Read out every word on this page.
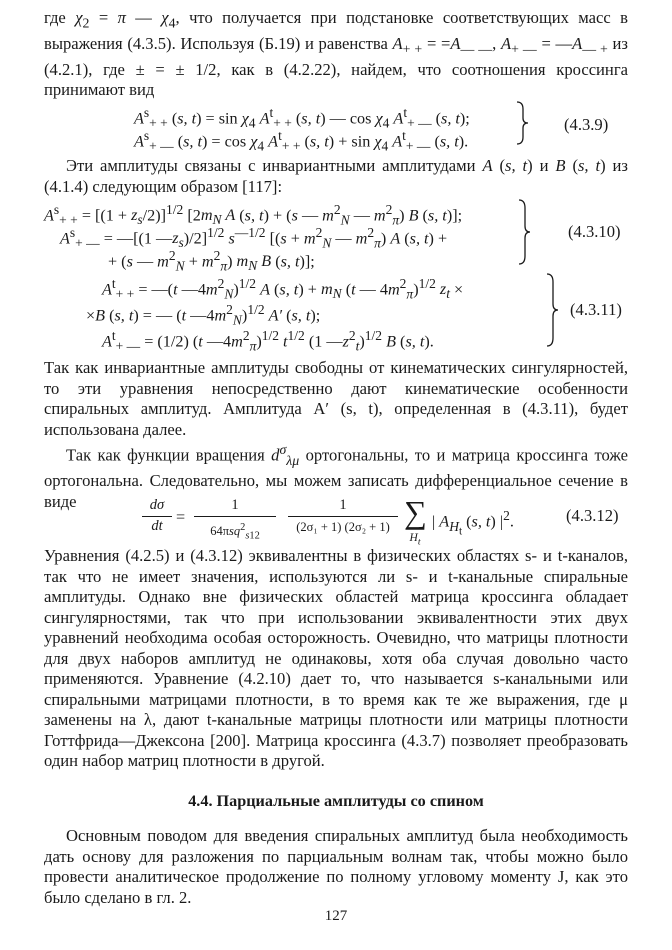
где $\chi_2 = \pi$ — $\chi_4$, что получается при подстановке соответствующих масс в выражения (4.3.5). Используя (Б.19) и равенства $A_{+ +} = =A_{— —}$, $A_{+ —}$ = $—A_{— +}$ из (4.2.1), где ± = ± 1/2, как в (4.2.22), найдем, что соотношения кроссинга принимают вид

$A^s_{+ +}$ (s, $t) = \sin \chi_4$ $A^t_{+ +}$ (s, t) — $\cos \chi_4$ $A^t_{+ —}$ (s, t);
$A^s_{+ —}$ (s, $t) = \cos \chi_4$ $A^t_{+ +}$ (s, $t) + \sin \chi_4$ $A^t_{+ —}$ (s, t).
(4.3.9)

Эти амплитуды связаны с инвариантными амплитудами A (s, t) и B (s, t) из (4.1.4) следующим образом [117]:

$A^s_{+ +} = [(1 + z_s/2)]^{1/2}$ [$2m_N$ A (s, t) + (s — $m^2_N$ — $m^2_\pi$) B (s, t)];
$A^s_{+ —}$ = —[(1 $—z_s)/2]^{1/2}$ $s^{—1/2}$ [($s + m^2_N$ — $m^2_\pi$) A (s, t) +
+ (s — $m^2_N + m^2_\pi$) $m_N$ B (s, t)];
(4.3.10)
$A^t_{+ +}$ = —(t $—4m^2_N)^{1/2}$ A (s, $t) + m_N$ (t — $4m^2_\pi)^{1/2}$ $z_t$ ×
×B (s, t) = — (t $—4m^2_N)^{1/2}$ A′ (s, t);
$A^t_{+ —} = (1/2)$ (t $—4m^2_\pi)^{1/2}$ $t^{1/2}$ (1 $—z^2_t)^{1/2}$ B (s, t).
(4.3.11)

Так как инвариантные амплитуды свободны от кинематических сингулярностей, то эти уравнения непосредственно дают кинематические особенности спиральных амплитуд. Амплитуда A′ (s, t), определенная в (4.3.11), будет использована далее.

Так как функции вращения $d^\sigma_{\lambda\mu}$ ортогональны, то и матрица кроссинга тоже ортогональна. Следовательно, мы можем записать дифференциальное сечение в виде	dσ
dt =
1
64πsq$^2_{s12}$
1
(2σ₁ + 1) (2σ₂ + 1) ∑
$H_t$
| $A_{H_t}$ (s, t) $|^2$.	(4.3.12)

Уравнения (4.2.5) и (4.3.12) эквивалентны в физических областях s- и t-каналов, так что не имеет значения, используются ли s- и t-канальные спиральные амплитуды. Однако вне физических областей матрица кроссинга обладает сингулярностями, так что при использовании эквивалентности этих двух уравнений необходима особая осторожность. Очевидно, что матрицы плотности для двух наборов амплитуд не одинаковы, хотя оба случая довольно часто применяются. Уравнение (4.2.10) дает то, что называется s-канальными или спиральными матрицами плотности, в то время как те же выражения, где μ заменены на λ, дают t-канальные матрицы плотности или матрицы плотности Готтфрида—Джексона [200]. Матрица кроссинга (4.3.7) позволяет преобразовать один набор матриц плотности в другой.

4.4. Парциальные амплитуды со спином

Основным поводом для введения спиральных амплитуд была необходимость дать основу для разложения по парциальным волнам так, чтобы можно было провести аналитическое продолжение по полному угловому моменту J, как это было сделано в гл. 2.

127
